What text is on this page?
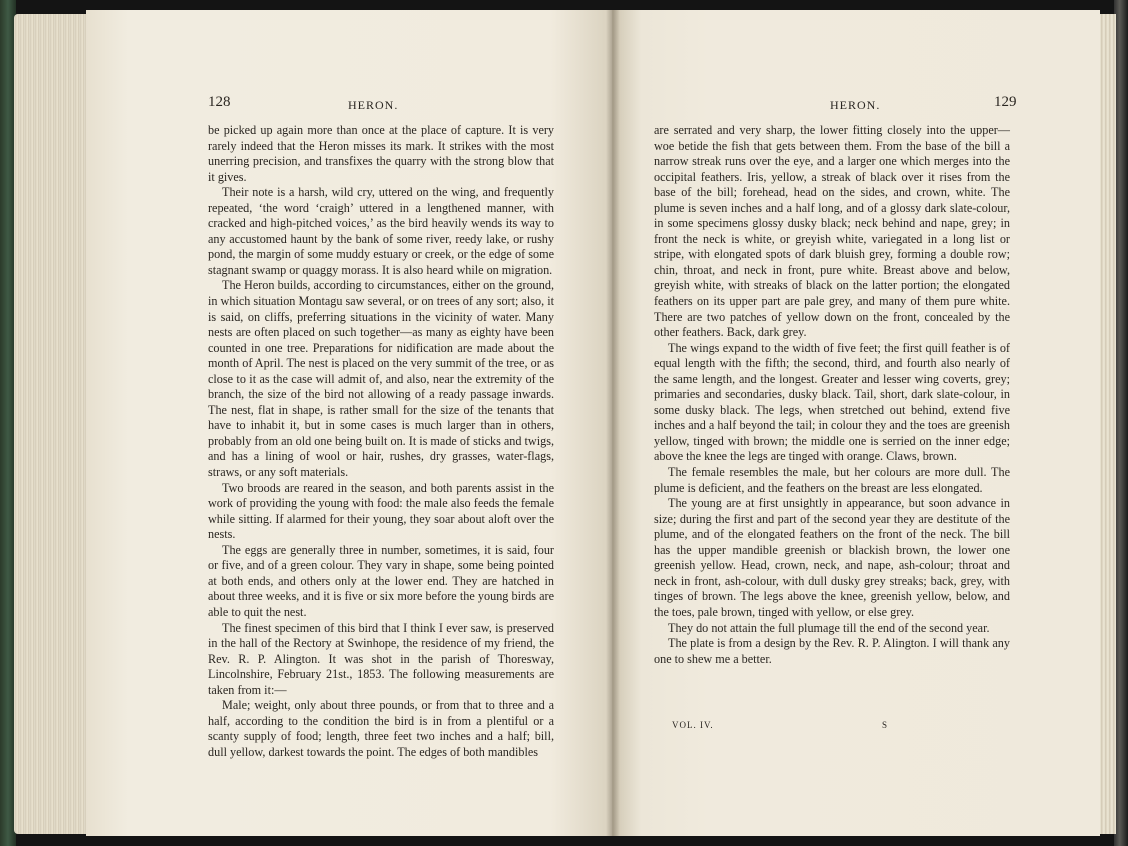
128	HERON.

be picked up again more than once at the place of capture. It is very rarely indeed that the Heron misses its mark. It strikes with the most unerring precision, and transfixes the quarry with the strong blow that it gives.

Their note is a harsh, wild cry, uttered on the wing, and frequently repeated, ‘the word ‘craigh’ uttered in a lengthened manner, with cracked and high-pitched voices,’ as the bird heavily wends its way to any accustomed haunt by the bank of some river, reedy lake, or rushy pond, the margin of some muddy estuary or creek, or the edge of some stagnant swamp or quaggy morass. It is also heard while on migration.

The Heron builds, according to circumstances, either on the ground, in which situation Montagu saw several, or on trees of any sort; also, it is said, on cliffs, preferring situations in the vicinity of water. Many nests are often placed on such together—as many as eighty have been counted in one tree. Preparations for nidification are made about the month of April. The nest is placed on the very summit of the tree, or as close to it as the case will admit of, and also, near the extremity of the branch, the size of the bird not allowing of a ready passage inwards. The nest, flat in shape, is rather small for the size of the tenants that have to inhabit it, but in some cases is much larger than in others, probably from an old one being built on. It is made of sticks and twigs, and has a lining of wool or hair, rushes, dry grasses, water-flags, straws, or any soft materials.

Two broods are reared in the season, and both parents assist in the work of providing the young with food: the male also feeds the female while sitting. If alarmed for their young, they soar about aloft over the nests.

The eggs are generally three in number, sometimes, it is said, four or five, and of a green colour. They vary in shape, some being pointed at both ends, and others only at the lower end. They are hatched in about three weeks, and it is five or six more before the young birds are able to quit the nest.

The finest specimen of this bird that I think I ever saw, is preserved in the hall of the Rectory at Swinhope, the residence of my friend, the Rev. R. P. Alington. It was shot in the parish of Thoresway, Lincolnshire, February 21st., 1853. The following measurements are taken from it:—

Male; weight, only about three pounds, or from that to three and a half, according to the condition the bird is in from a plentiful or a scanty supply of food; length, three feet two inches and a half; bill, dull yellow, darkest towards the point. The edges of both mandibles

HERON.	129

are serrated and very sharp, the lower fitting closely into the upper—woe betide the fish that gets between them. From the base of the bill a narrow streak runs over the eye, and a larger one which merges into the occipital feathers. Iris, yellow, a streak of black over it rises from the base of the bill; forehead, head on the sides, and crown, white. The plume is seven inches and a half long, and of a glossy dark slate-colour, in some specimens glossy dusky black; neck behind and nape, grey; in front the neck is white, or greyish white, variegated in a long list or stripe, with elongated spots of dark bluish grey, forming a double row; chin, throat, and neck in front, pure white. Breast above and below, greyish white, with streaks of black on the latter portion; the elongated feathers on its upper part are pale grey, and many of them pure white. There are two patches of yellow down on the front, concealed by the other feathers. Back, dark grey.

The wings expand to the width of five feet; the first quill feather is of equal length with the fifth; the second, third, and fourth also nearly of the same length, and the longest. Greater and lesser wing coverts, grey; primaries and secondaries, dusky black. Tail, short, dark slate-colour, in some dusky black. The legs, when stretched out behind, extend five inches and a half beyond the tail; in colour they and the toes are greenish yellow, tinged with brown; the middle one is serried on the inner edge; above the knee the legs are tinged with orange. Claws, brown.

The female resembles the male, but her colours are more dull. The plume is deficient, and the feathers on the breast are less elongated.

The young are at first unsightly in appearance, but soon advance in size; during the first and part of the second year they are destitute of the plume, and of the elongated feathers on the front of the neck. The bill has the upper mandible greenish or blackish brown, the lower one greenish yellow. Head, crown, neck, and nape, ash-colour; throat and neck in front, ash-colour, with dull dusky grey streaks; back, grey, with tinges of brown. The legs above the knee, greenish yellow, below, and the toes, pale brown, tinged with yellow, or else grey.

They do not attain the full plumage till the end of the second year.

The plate is from a design by the Rev. R. P. Alington. I will thank any one to shew me a better.

VOL. IV.	S
